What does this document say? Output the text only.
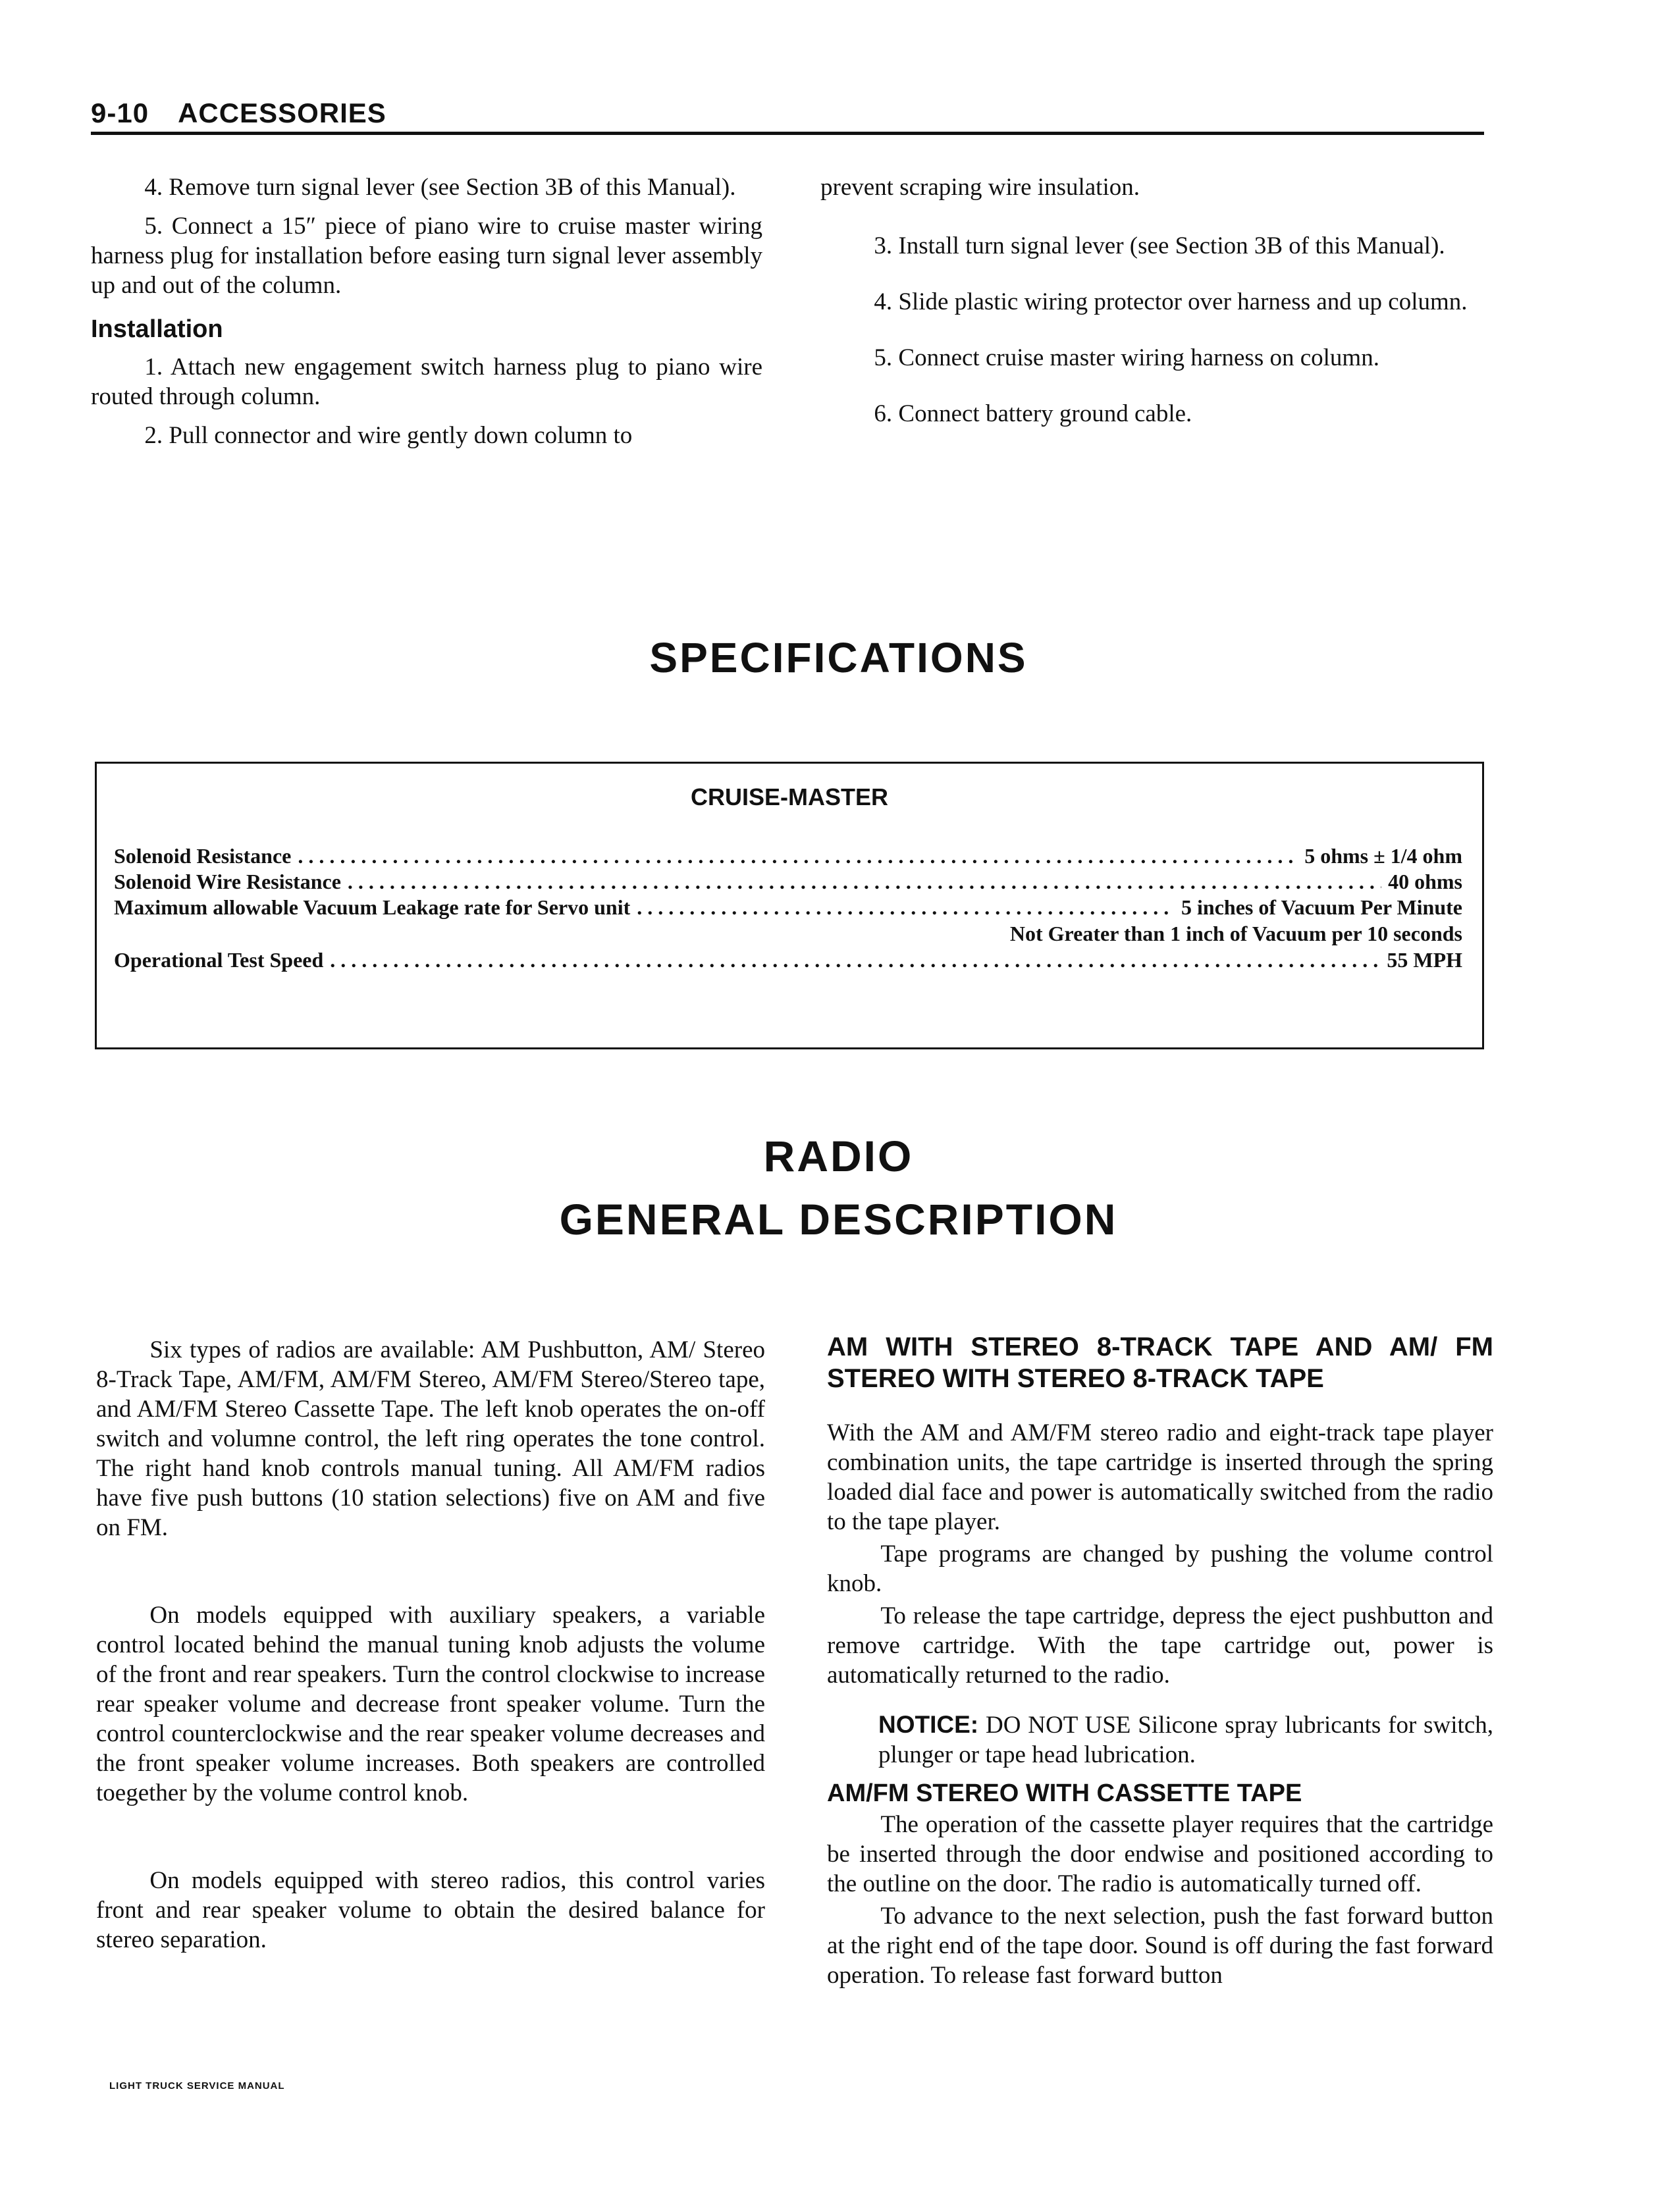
9-10 ACCESSORIES

4. Remove turn signal lever (see Section 3B of this Manual).

5. Connect a 15″ piece of piano wire to cruise master wiring harness plug for installation before easing turn signal lever assembly up and out of the column.

Installation

1. Attach new engagement switch harness plug to piano wire routed through column.

2. Pull connector and wire gently down column to

prevent scraping wire insulation.

3. Install turn signal lever (see Section 3B of this Manual).

4. Slide plastic wiring protector over harness and up column.

5. Connect cruise master wiring harness on column.

6. Connect battery ground cable.

SPECIFICATIONS
CRUISE-MASTER
Solenoid Resistance . . .	5 ohms ± 1/4 ohm
Solenoid Wire Resistance . . .	40 ohms
Maximum allowable Vacuum Leakage rate for Servo unit . . .	5 inches of Vacuum Per Minute
Not Greater than 1 inch of Vacuum per 10 seconds
Operational Test Speed . . .	55 MPH
RADIO
GENERAL DESCRIPTION

Six types of radios are available: AM Pushbutton, AM/ Stereo 8-Track Tape, AM/FM, AM/FM Stereo, AM/FM Stereo/Stereo tape, and AM/FM Stereo Cassette Tape. The left knob operates the on-off switch and volumne control, the left ring operates the tone control. The right hand knob controls manual tuning. All AM/FM radios have five push buttons (10 station selections) five on AM and five on FM.

On models equipped with auxiliary speakers, a variable control located behind the manual tuning knob adjusts the volume of the front and rear speakers. Turn the control clockwise to increase rear speaker volume and decrease front speaker volume. Turn the control counterclockwise and the rear speaker volume decreases and the front speaker volume increases. Both speakers are controlled toegether by the volume control knob.

On models equipped with stereo radios, this control varies front and rear speaker volume to obtain the desired balance for stereo separation.

AM WITH STEREO 8-TRACK TAPE AND AM/ FM STEREO WITH STEREO 8-TRACK TAPE

With the AM and AM/FM stereo radio and eight-track tape player combination units, the tape cartridge is inserted through the spring loaded dial face and power is automatically switched from the radio to the tape player.

Tape programs are changed by pushing the volume control knob.

To release the tape cartridge, depress the eject pushbutton and remove cartridge. With the tape cartridge out, power is automatically returned to the radio.

NOTICE: DO NOT USE Silicone spray lubricants for switch, plunger or tape head lubrication.

AM/FM STEREO WITH CASSETTE TAPE

The operation of the cassette player requires that the cartridge be inserted through the door endwise and positioned according to the outline on the door. The radio is automatically turned off.

To advance to the next selection, push the fast forward button at the right end of the tape door. Sound is off during the fast forward operation. To release fast forward button

LIGHT TRUCK SERVICE MANUAL
